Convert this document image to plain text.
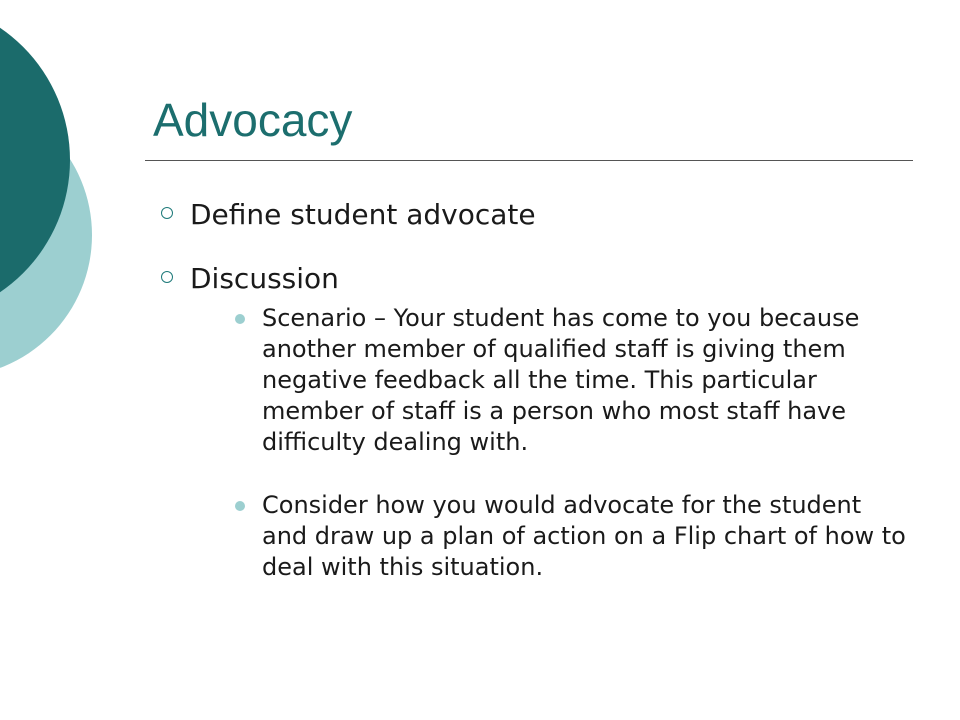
Advocacy
Define student advocate
Discussion
Scenario – Your student has come to you because another member of qualified staff is giving them negative feedback all the time. This particular member of staff is a person who most staff have difficulty dealing with.
Consider how you would advocate for the student and draw up a plan of action on a Flip chart of how to deal with this situation.
